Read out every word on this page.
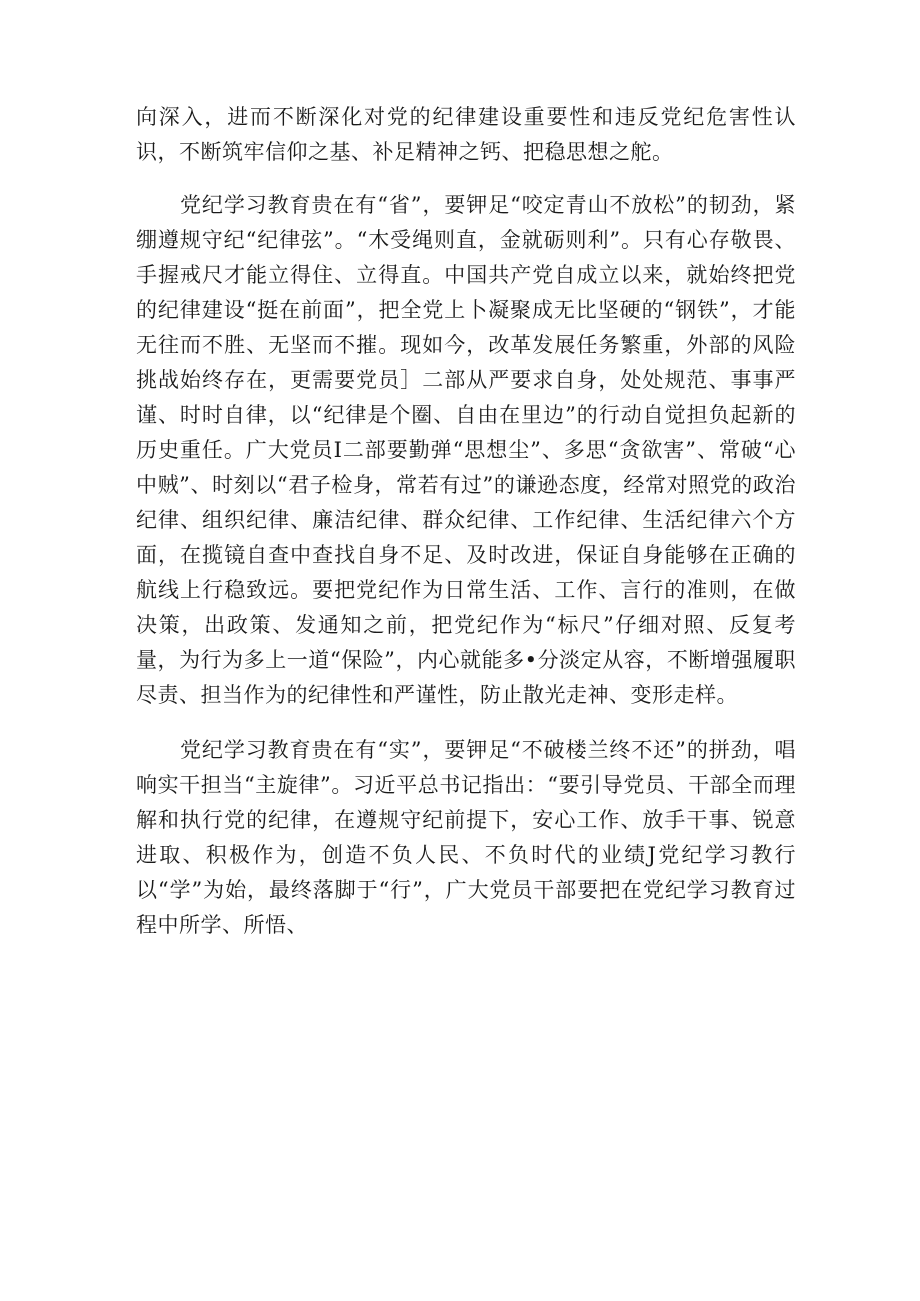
向深入，进而不断深化对党的纪律建设重要性和违反党纪危害性认识，不断筑牢信仰之基、补足精神之钙、把稳思想之舵。

党纪学习教育贵在有“省”，要钾足“咬定青山不放松”的韧劲，紧绷遵规守纪“纪律弦”。“木受绳则直，金就砺则利”。只有心存敬畏、手握戒尺才能立得住、立得直。中国共产党自成立以来，就始终把党的纪律建设“挺在前面”，把全党上卜凝聚成无比坚硬的“钢铁”，才能无往而不胜、无坚而不摧。现如今，改革发展任务繁重，外部的风险挑战始终存在，更需要党员］二部从严要求自身，处处规范、事事严谨、时时自律，以“纪律是个圈、自由在里边”的行动自觉担负起新的历史重任。广大党员I二部要勤弹“思想尘”、多思“贪欲害”、常破“心中贼”、时刻以“君子检身，常若有过”的谦逊态度，经常对照党的政治纪律、组织纪律、廉洁纪律、群众纪律、工作纪律、生活纪律六个方面，在揽镜自查中查找自身不足、及时改进，保证自身能够在正确的航线上行稳致远。要把党纪作为日常生活、工作、言行的准则，在做决策，出政策、发通知之前，把党纪作为“标尺”仔细对照、反复考量，为行为多上一道“保险”，内心就能多•分淡定从容，不断增强履职尽责、担当作为的纪律性和严谨性，防止散光走神、变形走样。

党纪学习教育贵在有“实”，要钾足“不破楼兰终不还”的拼劲，唱响实干担当“主旋律”。习近平总书记指出：“要引导党员、干部全而理解和执行党的纪律，在遵规守纪前提下，安心工作、放手干事、锐意进取、积极作为，创造不负人民、不负时代的业绩J党纪学习教行以“学”为始，最终落脚于“行”，广大党员干部要把在党纪学习教育过程中所学、所悟、
